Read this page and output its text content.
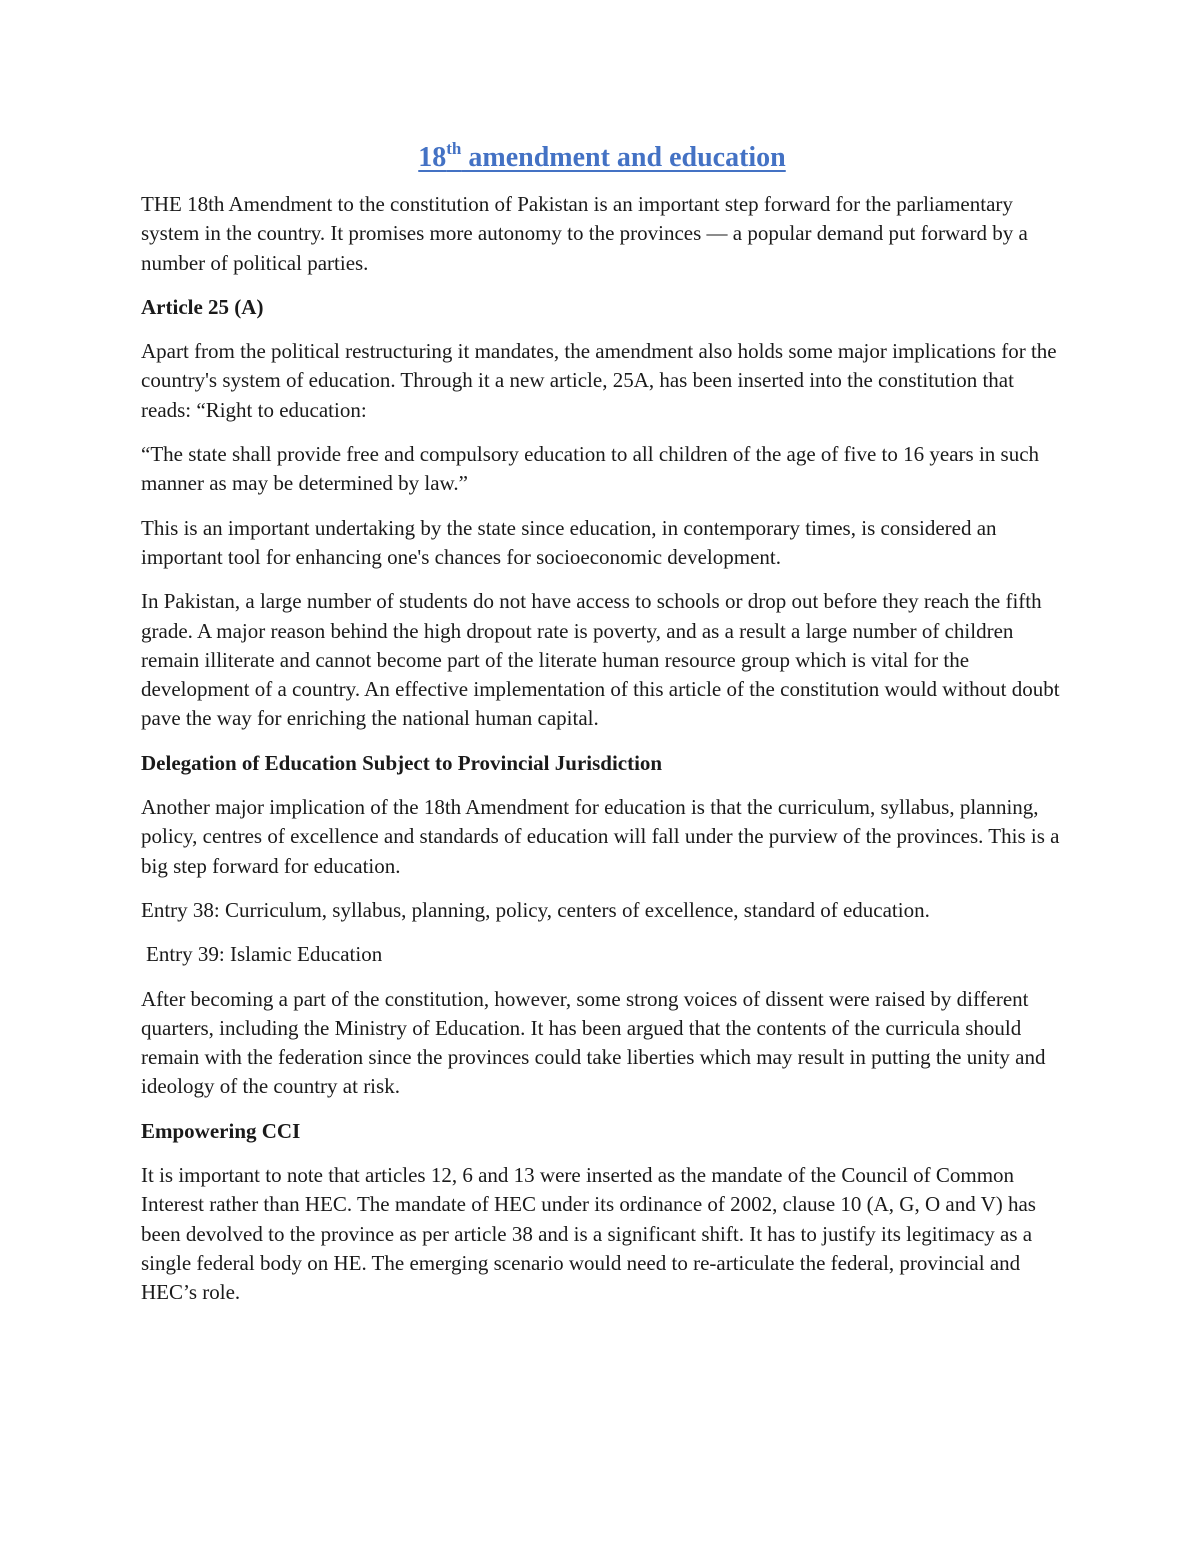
18th amendment and education

THE 18th Amendment to the constitution of Pakistan is an important step forward for the parliamentary system in the country. It promises more autonomy to the provinces — a popular demand put forward by a number of political parties.

Article 25 (A)

Apart from the political restructuring it mandates, the amendment also holds some major implications for the country's system of education. Through it a new article, 25A, has been inserted into the constitution that reads: “Right to education:

“The state shall provide free and compulsory education to all children of the age of five to 16 years in such manner as may be determined by law.”

This is an important undertaking by the state since education, in contemporary times, is considered an important tool for enhancing one's chances for socioeconomic development.

In Pakistan, a large number of students do not have access to schools or drop out before they reach the fifth grade. A major reason behind the high dropout rate is poverty, and as a result a large number of children remain illiterate and cannot become part of the literate human resource group which is vital for the development of a country. An effective implementation of this article of the constitution would without doubt pave the way for enriching the national human capital.

Delegation of Education Subject to Provincial Jurisdiction

Another major implication of the 18th Amendment for education is that the curriculum, syllabus, planning, policy, centres of excellence and standards of education will fall under the purview of the provinces. This is a big step forward for education.

Entry 38: Curriculum, syllabus, planning, policy, centers of excellence, standard of education.

Entry 39: Islamic Education

After becoming a part of the constitution, however, some strong voices of dissent were raised by different quarters, including the Ministry of Education. It has been argued that the contents of the curricula should remain with the federation since the provinces could take liberties which may result in putting the unity and ideology of the country at risk.

Empowering CCI

It is important to note that articles 12, 6 and 13 were inserted as the mandate of the Council of Common Interest rather than HEC. The mandate of HEC under its ordinance of 2002, clause 10 (A, G, O and V) has been devolved to the province as per article 38 and is a significant shift. It has to justify its legitimacy as a single federal body on HE. The emerging scenario would need to re-articulate the federal, provincial and HEC’s role.
